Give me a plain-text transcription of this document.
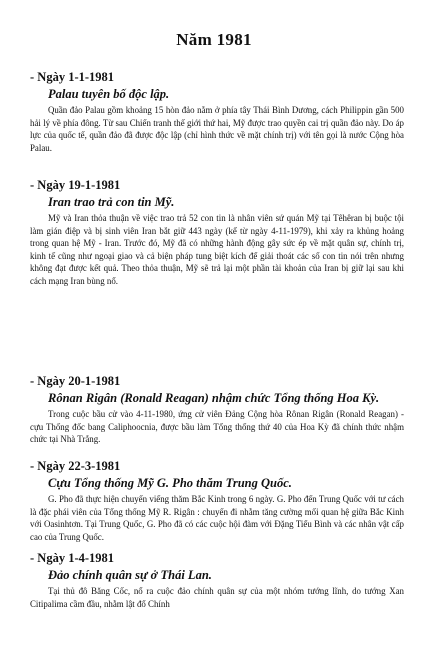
Năm 1981

- Ngày 1-1-1981

Palau tuyên bố độc lập.

Quần đảo Palau gồm khoảng 15 hòn đảo nằm ở phía tây Thái Bình Dương, cách Philippin gần 500 hải lý về phía đông. Từ sau Chiến tranh thế giới thứ hai, Mỹ được trao quyền cai trị quần đảo này. Do áp lực của quốc tế, quần đảo đã được độc lập (chỉ hình thức về mặt chính trị) với tên gọi là nước Cộng hòa Palau.

- Ngày 19-1-1981

Iran trao trả con tin Mỹ.

Mỹ và Iran thỏa thuận về việc trao trả 52 con tin là nhân viên sứ quán Mỹ tại Têhêran bị buộc tội làm gián điệp và bị sinh viên Iran bắt giữ 443 ngày (kể từ ngày 4-11-1979), khi xảy ra khủng hoảng trong quan hệ Mỹ - Iran. Trước đó, Mỹ đã có những hành động gây sức ép về mặt quân sự, chính trị, kinh tế cũng như ngoại giao và cả biện pháp tung biệt kích để giải thoát các số con tin nói trên nhưng không đạt được kết quả. Theo thỏa thuận, Mỹ sẽ trả lại một phần tài khoản của Iran bị giữ lại sau khi cách mạng Iran bùng nổ.

- Ngày 20-1-1981

Rônan Rigân (Ronald Reagan) nhậm chức Tổng thống Hoa Kỳ.

Trong cuộc bầu cử vào 4-11-1980, ứng cử viên Đảng Cộng hòa Rônan Rigân (Ronald Reagan) - cựu Thống đốc bang Caliphoocnia, được bầu làm Tổng thống thứ 40 của Hoa Kỳ đã chính thức nhậm chức tại Nhà Trắng.

- Ngày 22-3-1981

Cựu Tổng thống Mỹ G. Pho thăm Trung Quốc.

G. Pho đã thực hiện chuyến viếng thăm Bắc Kinh trong 6 ngày. G. Pho đến Trung Quốc với tư cách là đặc phái viên của Tổng thống Mỹ R. Rigân : chuyến đi nhằm tăng cường mối quan hệ giữa Bắc Kinh với Oasinhtơn. Tại Trung Quốc, G. Pho đã có các cuộc hội đàm với Đặng Tiểu Bình và các nhân vật cấp cao của Trung Quốc.

- Ngày 1-4-1981

Đảo chính quân sự ở Thái Lan.

Tại thủ đô Băng Cốc, nổ ra cuộc đảo chính quân sự của một nhóm tướng lĩnh, do tướng Xan Citipalima cầm đầu, nhằm lật đổ Chính
